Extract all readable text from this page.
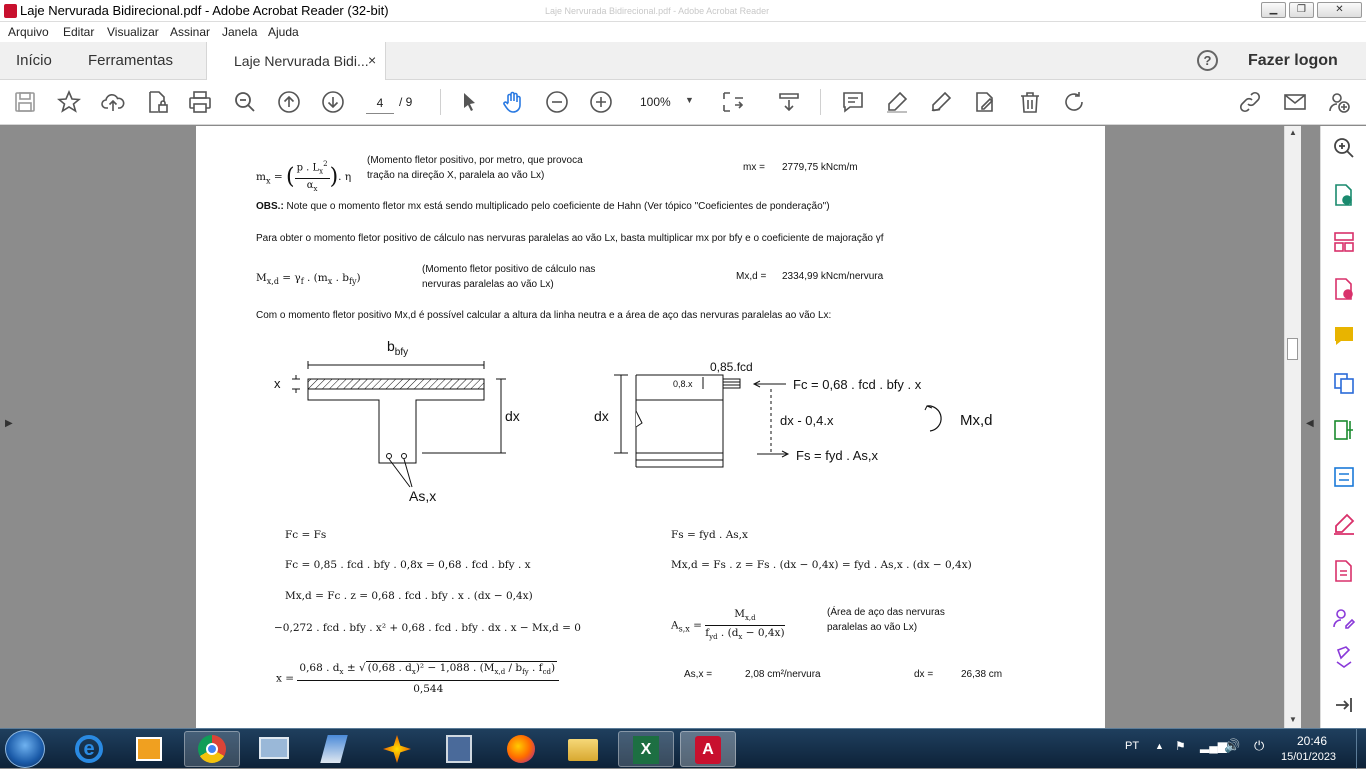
Laje Nervurada Bidirecional.pdf - Adobe Acrobat Reader (32-bit)	Laje Nervurada Bidirecional.pdf - Adobe Acrobat Reader	▁	❐	✕
Arquivo Editar Visualizar Assinar Janela Ajuda
Início Ferramentas	Laje Nervurada Bidi... ×	?	Fazer logon
4	/ 9	100% ▼
▶
$m_x$ = ( $\frac{p . L_x^2}{\alpha_x}$ ). η
(Momento fletor positivo, por metro, que provoca
tração na direção X, paralela ao vão Lx)
mx = 2779,75 kNcm/m
OBS.: Note que o momento fletor mx está sendo multiplicado pelo coeficiente de Hahn (Ver tópico "Coeficientes de ponderação")
Para obter o momento fletor positivo de cálculo nas nervuras paralelas ao vão Lx, basta multiplicar mx por bfy e o coeficiente de majoração γf
$M_{x,d} = \gamma_f$ . ($m_x$ . $b_{fy}$)
(Momento fletor positivo de cálculo nas
nervuras paralelas ao vão Lx)
Mx,d = 2334,99 kNcm/nervura
Com o momento fletor positivo Mx,d é possível calcular a altura da linha neutra e a área de aço das nervuras paralelas ao vão Lx:
$b_{bfy}$
x
dx
As,x
0,85.fcd
0,8.x
dx
Fc = 0,68 . fcd . bfy . x
dx - 0,4.x
Fs = fyd . As,x
Mx,d
Fc = Fs
Fc = 0,85 . fcd . bfy . 0,8x = 0,68 . fcd . bfy . x
Mx,d = Fc . z = 0,68 . fcd . bfy . x . (dx − 0,4x)
−0,272 . fcd . bfy . x² + 0,68 . fcd . bfy . dx . x − Mx,d = 0
Fs = fyd . As,x
Mx,d = Fs . z = Fs . (dx − 0,4x) = fyd . As,x . (dx − 0,4x)
$A_{s,x}$ =
$M_{x,d}$
$f_{yd}$ . $(d_x - 0,4x)$
(Área de aço das nervuras
paralelas ao vão Lx)
x =
0,68 . $d_x$ ± √ (0,68 . $d_x)^2 - 1,088$ . ($M_{x,d} / b_{fy}$ . $f_{cd}$)
0,544
As,x =	2,08 cm²/nervura	dx =	26,38 cm
▲
▼
◀
e	X	A	PT ▲ ⚑ ▂▄▆
🔊 ⏻	20:46
15/01/2023
